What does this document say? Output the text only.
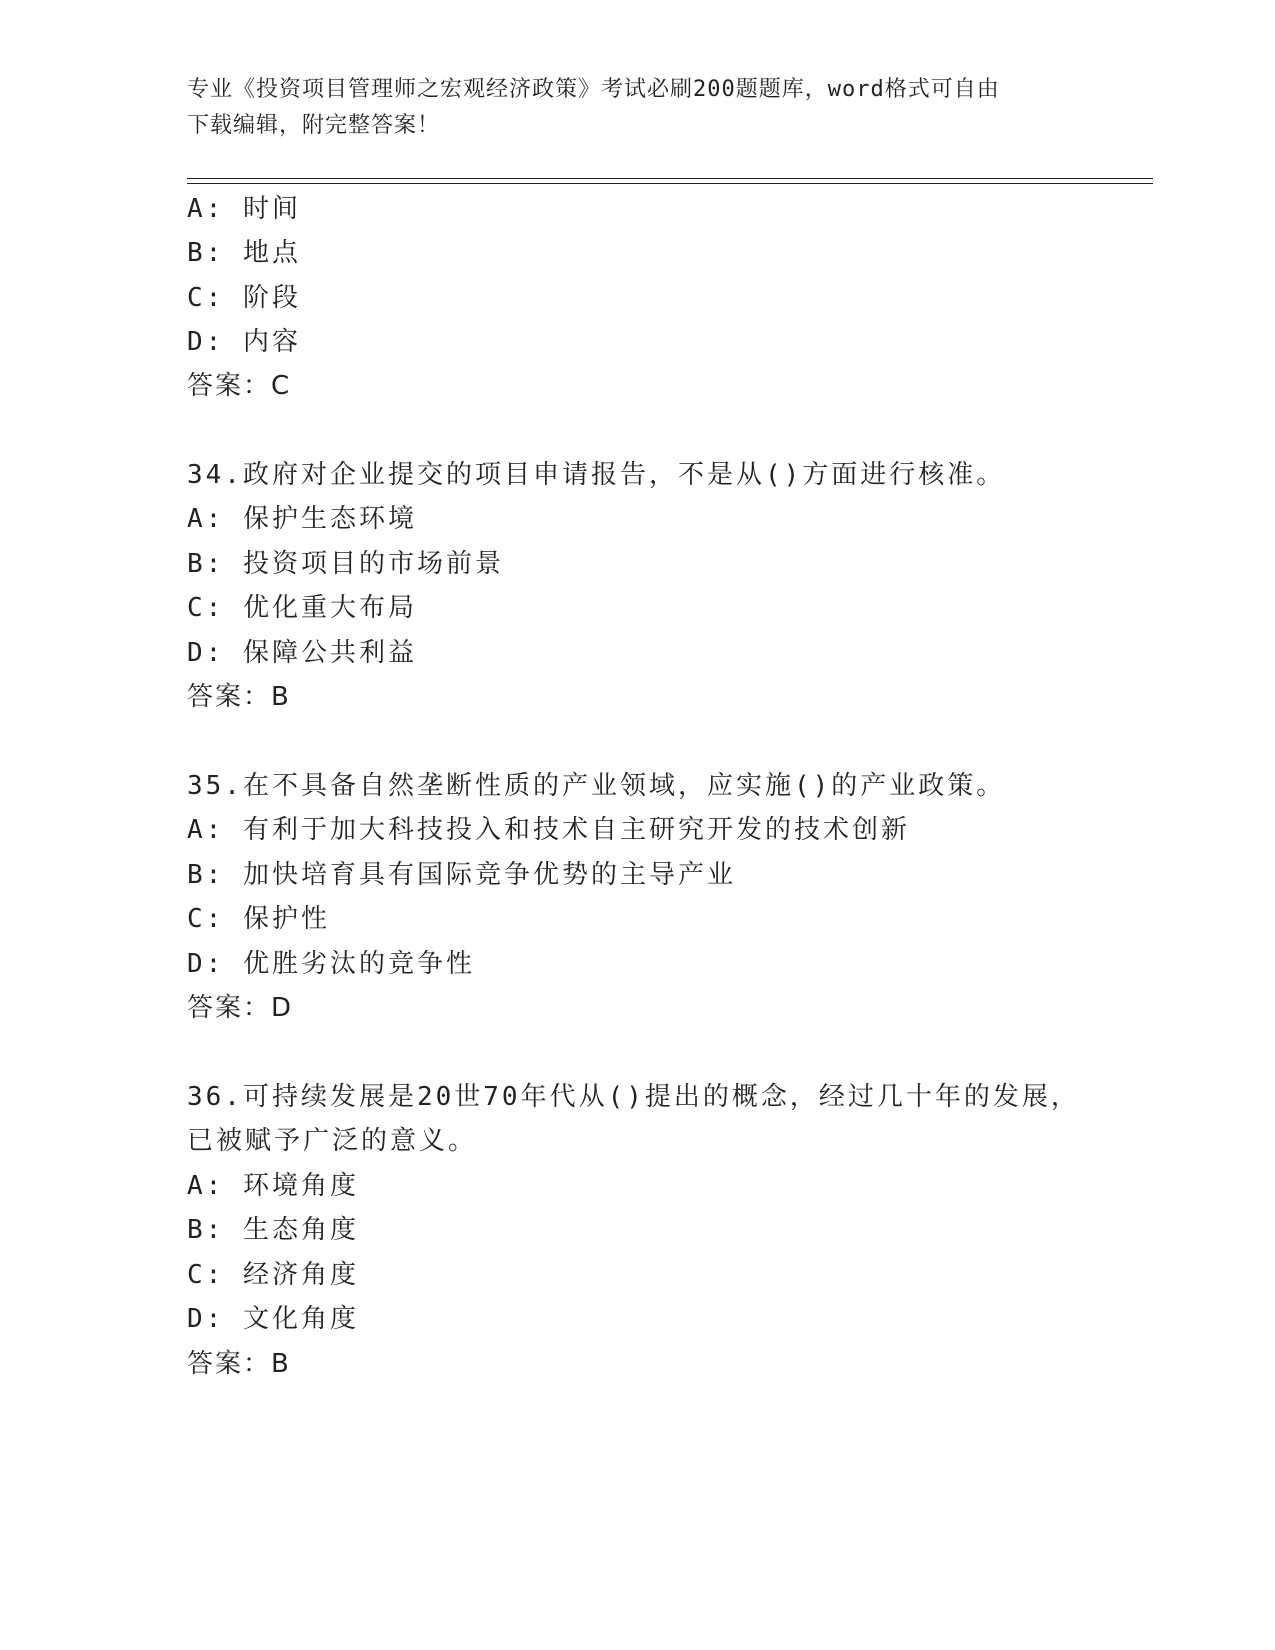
专业《投资项目管理师之宏观经济政策》考试必刷200题题库，word格式可自由
下载编辑，附完整答案！
A: 时间
B: 地点
C: 阶段
D: 内容
答案：C
34.政府对企业提交的项目申请报告，不是从()方面进行核准。
A: 保护生态环境
B: 投资项目的市场前景
C: 优化重大布局
D: 保障公共利益
答案：B
35.在不具备自然垄断性质的产业领域，应实施()的产业政策。
A: 有利于加大科技投入和技术自主研究开发的技术创新
B: 加快培育具有国际竞争优势的主导产业
C: 保护性
D: 优胜劣汰的竞争性
答案：D
36.可持续发展是20世70年代从()提出的概念，经过几十年的发展，
已被赋予广泛的意义。
A: 环境角度
B: 生态角度
C: 经济角度
D: 文化角度
答案：B
